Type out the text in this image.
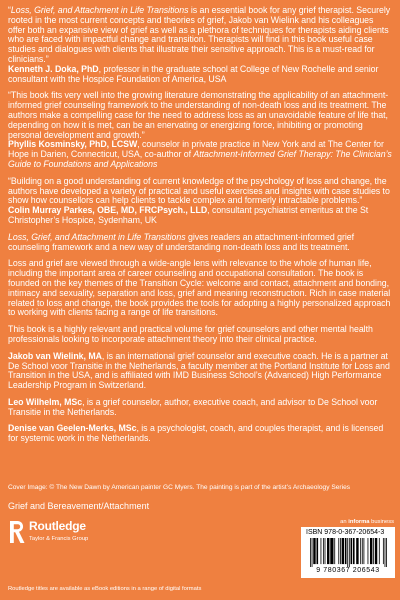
“Loss, Grief, and Attachment in Life Transitions is an essential book for any grief therapist. Securely rooted in the most current concepts and theories of grief, Jakob van Wielink and his colleagues offer both an expansive view of grief as well as a plethora of techniques for therapists aiding clients who are faced with impactful change and transition. Therapists will find in this book useful case studies and dialogues with clients that illustrate their sensitive approach. This is a must-read for clinicians.”

Kenneth J. Doka, PhD, professor in the graduate school at College of New Rochelle and senior consultant with the Hospice Foundation of America, USA

“This book fits very well into the growing literature demonstrating the applicability of an attachment-informed grief counseling framework to the understanding of non-death loss and its treatment. The authors make a compelling case for the need to address loss as an unavoidable feature of life that, depending on how it is met, can be an enervating or energizing force, inhibiting or promoting personal development and growth.”

Phyllis Kosminsky, PhD, LCSW, counselor in private practice in New York and at The Center for Hope in Darien, Connecticut, USA, co-author of Attachment-Informed Grief Therapy: The Clinician’s Guide to Foundations and Applications

“Building on a good understanding of current knowledge of the psychology of loss and change, the authors have developed a variety of practical and useful exercises and insights with case studies to show how counsellors can help clients to tackle complex and formerly intractable problems.”

Colin Murray Parkes, OBE, MD, FRCPsych., LLD, consultant psychiatrist emeritus at the St Christopher’s Hospice, Sydenham, UK

Loss, Grief, and Attachment in Life Transitions gives readers an attachment-informed grief counseling framework and a new way of understanding non-death loss and its treatment.

Loss and grief are viewed through a wide-angle lens with relevance to the whole of human life, including the important area of career counseling and occupational consultation. The book is founded on the key themes of the Transition Cycle: welcome and contact, attachment and bonding, intimacy and sexuality, separation and loss, grief and meaning reconstruction. Rich in case material related to loss and change, the book provides the tools for adopting a highly personalized approach to working with clients facing a range of life transitions.

This book is a highly relevant and practical volume for grief counselors and other mental health professionals looking to incorporate attachment theory into their clinical practice.

Jakob van Wielink, MA, is an international grief counselor and executive coach. He is a partner at De School voor Transitie in the Netherlands, a faculty member at the Portland Institute for Loss and Transition in the USA, and is affiliated with IMD Business School’s (Advanced) High Performance Leadership Program in Switzerland.

Leo Wilhelm, MSc, is a grief counselor, author, executive coach, and advisor to De School voor Transitie in the Netherlands.

Denise van Geelen-Merks, MSc, is a psychologist, coach, and couples therapist, and is licensed for systemic work in the Netherlands.

Cover Image: © The New Dawn by American painter GC Myers. The painting is part of the artist’s Archaeology Series
Grief and Bereavement/Attachment
Routledge
Taylor & Francis Group
an informa business
ISBN 978-0-367-20654-3
9 780367 206543
Routledge titles are available as eBook editions in a range of digital formats
